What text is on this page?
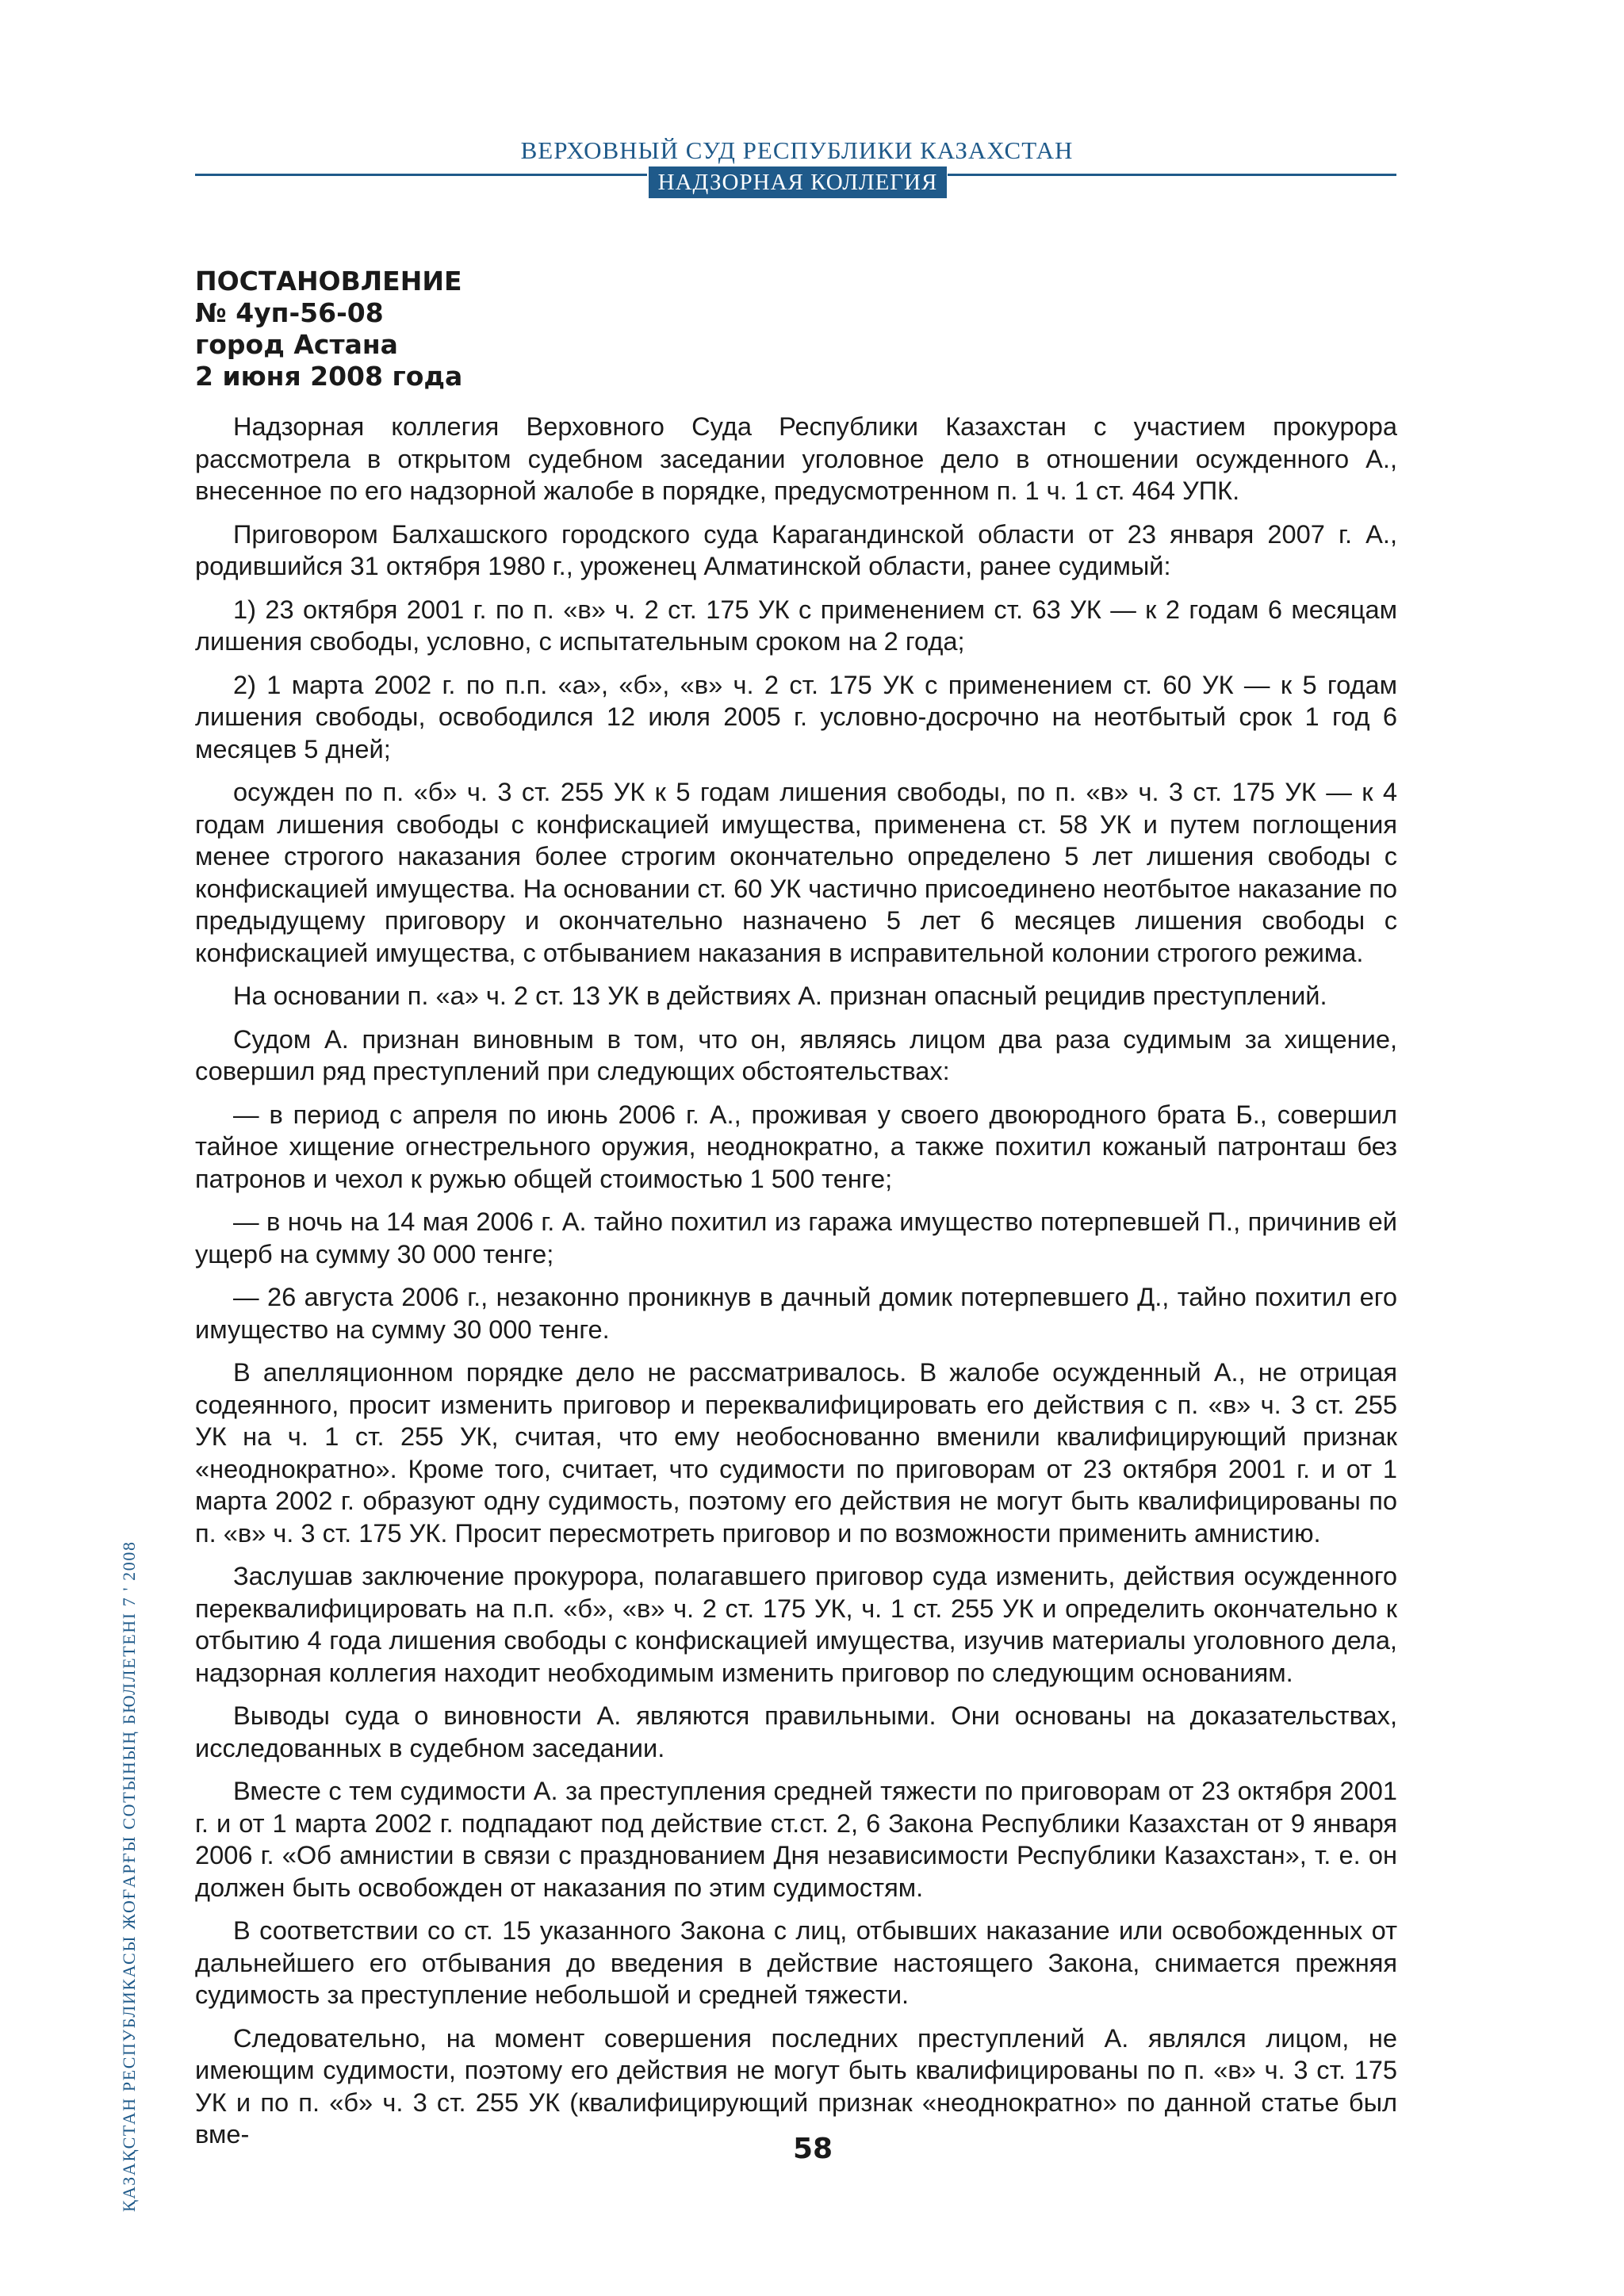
ВЕРХОВНЫЙ СУД РЕСПУБЛИКИ КАЗАХСТАН
НАДЗОРНАЯ КОЛЛЕГИЯ
ПОСТАНОВЛЕНИЕ
№ 4уп-56-08
город Астана
2 июня 2008 года

Надзорная коллегия Верховного Суда Республики Казахстан с участием прокурора рассмотрела в открытом судебном заседании уголовное дело в отношении осужденного А., внесенное по его надзорной жалобе в порядке, предусмотренном п. 1 ч. 1 ст. 464 УПК.

Приговором Балхашского городского суда Карагандинской области от 23 января 2007 г. А., родившийся 31 октября 1980 г., уроженец Алматинской области, ранее судимый:

1) 23 октября 2001 г. по п. «в» ч. 2 ст. 175 УК с применением ст. 63 УК — к 2 годам 6 месяцам лишения свободы, условно, с испытательным сроком на 2 года;

2) 1 марта 2002 г. по п.п. «а», «б», «в» ч. 2 ст. 175 УК с применением ст. 60 УК — к 5 годам лишения свободы, освободился 12 июля 2005 г. условно-досрочно на неотбытый срок 1 год 6 месяцев 5 дней;

осужден по п. «б» ч. 3 ст. 255 УК к 5 годам лишения свободы, по п. «в» ч. 3 ст. 175 УК — к 4 годам лишения свободы с конфискацией имущества, применена ст. 58 УК и путем поглощения менее строгого наказания более строгим окончательно определено 5 лет лишения свободы с конфискацией имущества. На основании ст. 60 УК частично присоединено неотбытое наказание по предыдущему приговору и окончательно назначено 5 лет 6 месяцев лишения свободы с конфискацией имущества, с отбыванием наказания в исправительной колонии строгого режима.

На основании п. «а» ч. 2 ст. 13 УК в действиях А. признан опасный рецидив преступлений.

Судом А. признан виновным в том, что он, являясь лицом два раза судимым за хищение, совершил ряд преступлений при следующих обстоятельствах:

— в период с апреля по июнь 2006 г. А., проживая у своего двоюродного брата Б., совершил тайное хищение огнестрельного оружия, неоднократно, а также похитил кожаный патронташ без патронов и чехол к ружью общей стоимостью 1 500 тенге;

— в ночь на 14 мая 2006 г. А. тайно похитил из гаража имущество потерпевшей П., причинив ей ущерб на сумму 30 000 тенге;

— 26 августа 2006 г., незаконно проникнув в дачный домик потерпевшего Д., тайно похитил его имущество на сумму 30 000 тенге.

В апелляционном порядке дело не рассматривалось. В жалобе осужденный А., не отрицая содеянного, просит изменить приговор и переквалифицировать его действия с п. «в» ч. 3 ст. 255 УК на ч. 1 ст. 255 УК, считая, что ему необоснованно вменили квалифицирующий признак «неоднократно». Кроме того, считает, что судимости по приговорам от 23 октября 2001 г. и от 1 марта 2002 г. образуют одну судимость, поэтому его действия не могут быть квалифицированы по п. «в» ч. 3 ст. 175 УК. Просит пересмотреть приговор и по возможности применить амнистию.

Заслушав заключение прокурора, полагавшего приговор суда изменить, действия осужденного переквалифицировать на п.п. «б», «в» ч. 2 ст. 175 УК, ч. 1 ст. 255 УК и определить окончательно к отбытию 4 года лишения свободы с конфискацией имущества, изучив материалы уголовного дела, надзорная коллегия находит необходимым изменить приговор по следующим основаниям.

Выводы суда о виновности А. являются правильными. Они основаны на доказательствах, исследованных в судебном заседании.

Вместе с тем судимости А. за преступления средней тяжести по приговорам от 23 октября 2001 г. и от 1 марта 2002 г. подпадают под действие ст.ст. 2, 6 Закона Республики Казахстан от 9 января 2006 г. «Об амнистии в связи с празднованием Дня независимости Республики Казахстан», т. е. он должен быть освобожден от наказания по этим судимостям.

В соответствии со ст. 15 указанного Закона с лиц, отбывших наказание или освобожденных от дальнейшего его отбывания до введения в действие настоящего Закона, снимается прежняя судимость за преступление небольшой и средней тяжести.

Следовательно, на момент совершения последних преступлений А. являлся лицом, не имеющим судимости, поэтому его действия не могут быть квалифицированы по п. «в» ч. 3 ст. 175 УК и по п. «б» ч. 3 ст. 255 УК (квалифицирующий признак «неоднократно» по данной статье был вме-

ҚАЗАҚСТАН РЕСПУБЛИКАСЫ ЖОҒАРҒЫ СОТЫНЫҢ БЮЛЛЕТЕНІ 7 ' 2008	58
